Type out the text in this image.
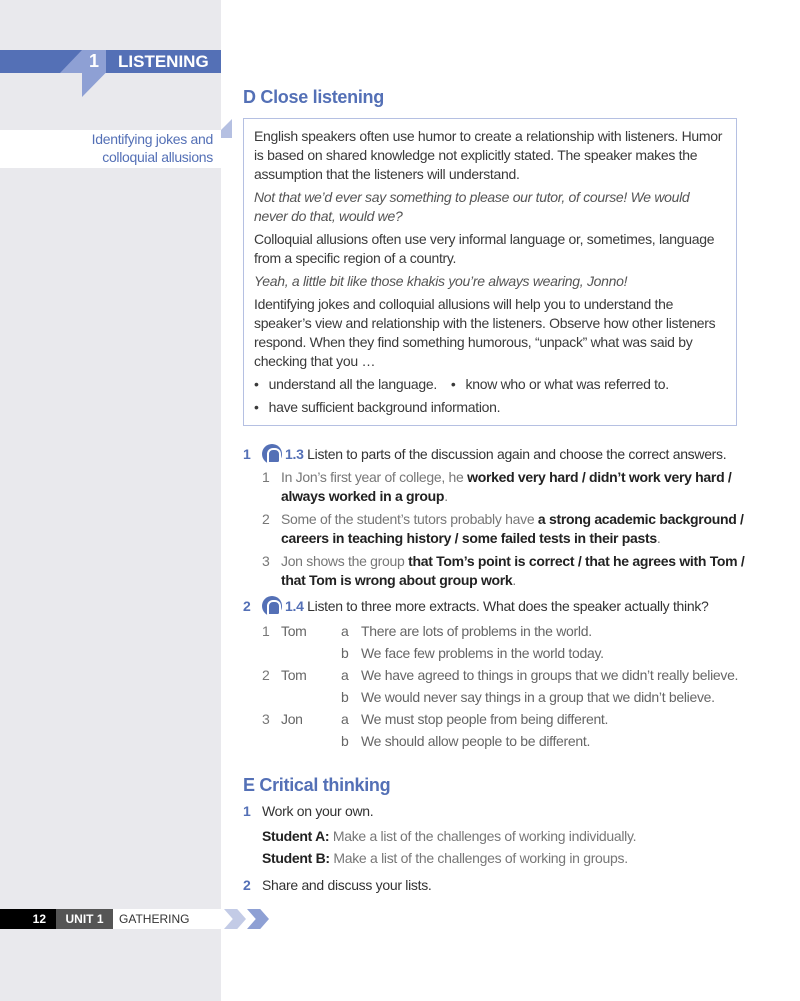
1 LISTENING
Identifying jokes and colloquial allusions
D Close listening

English speakers often use humor to create a relationship with listeners. Humor is based on shared knowledge not explicitly stated. The speaker makes the assumption that the listeners will understand.

Not that we’d ever say something to please our tutor, of course! We would never do that, would we?

Colloquial allusions often use very informal language or, sometimes, language from a specific region of a country.

Yeah, a little bit like those khakis you’re always wearing, Jonno!

Identifying jokes and colloquial allusions will help you to understand the speaker’s view and relationship with the listeners. Observe how other listeners respond. When they find something humorous, “unpack” what was said by checking that you …

• understand all the language.	• know who or what was referred to.
• have sufficient background information.
1 1.3 Listen to parts of the discussion again and choose the correct answers.
1 In Jon’s first year of college, he worked very hard / didn’t work very hard / always worked in a group.
2 Some of the student’s tutors probably have a strong academic background / careers in teaching history / some failed tests in their pasts.
3 Jon shows the group that Tom’s point is correct / that he agrees with Tom / that Tom is wrong about group work.
2 1.4 Listen to three more extracts. What does the speaker actually think?
1 Tom	a There are lots of problems in the world.
b We face few problems in the world today.
2 Tom	a We have agreed to things in groups that we didn’t really believe.
b We would never say things in a group that we didn’t believe.
3 Jon	a We must stop people from being different.
b We should allow people to be different.
E Critical thinking
1 Work on your own.
Student A: Make a list of the challenges of working individually.
Student B: Make a list of the challenges of working in groups.
2 Share and discuss your lists.
12	UNIT 1	GATHERING
